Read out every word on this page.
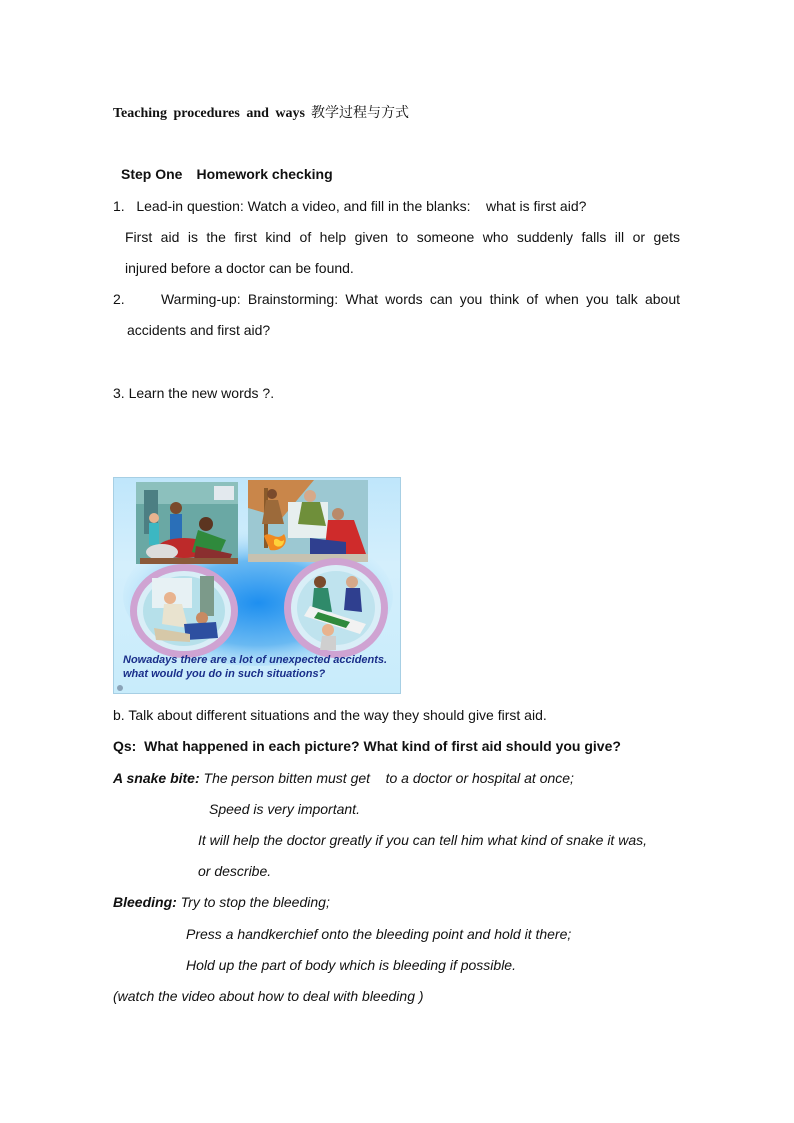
Teaching procedures and ways 教学过程与方式
Step One Homework checking
1.   Lead-in question: Watch a video, and fill in the blanks:    what is first aid?
First aid is the first kind of help given to someone who suddenly falls ill or gets
injured before a doctor can be found.
2.     Warming-up: Brainstorming: What words can you think of when you talk about
accidents and first aid?
3. Learn the new words ?.
Nowadays there are a lot of unexpected accidents. what would you do in such situations?
b. Talk about different situations and the way they should give first aid.
Qs:  What happened in each picture? What kind of first aid should you give?
A snake bite: The person bitten must get    to a doctor or hospital at once;
Speed is very important.
It will help the doctor greatly if you can tell him what kind of snake it was,
or describe.
Bleeding: Try to stop the bleeding;
Press a handkerchief onto the bleeding point and hold it there;
Hold up the part of body which is bleeding if possible.
(watch the video about how to deal with bleeding )
